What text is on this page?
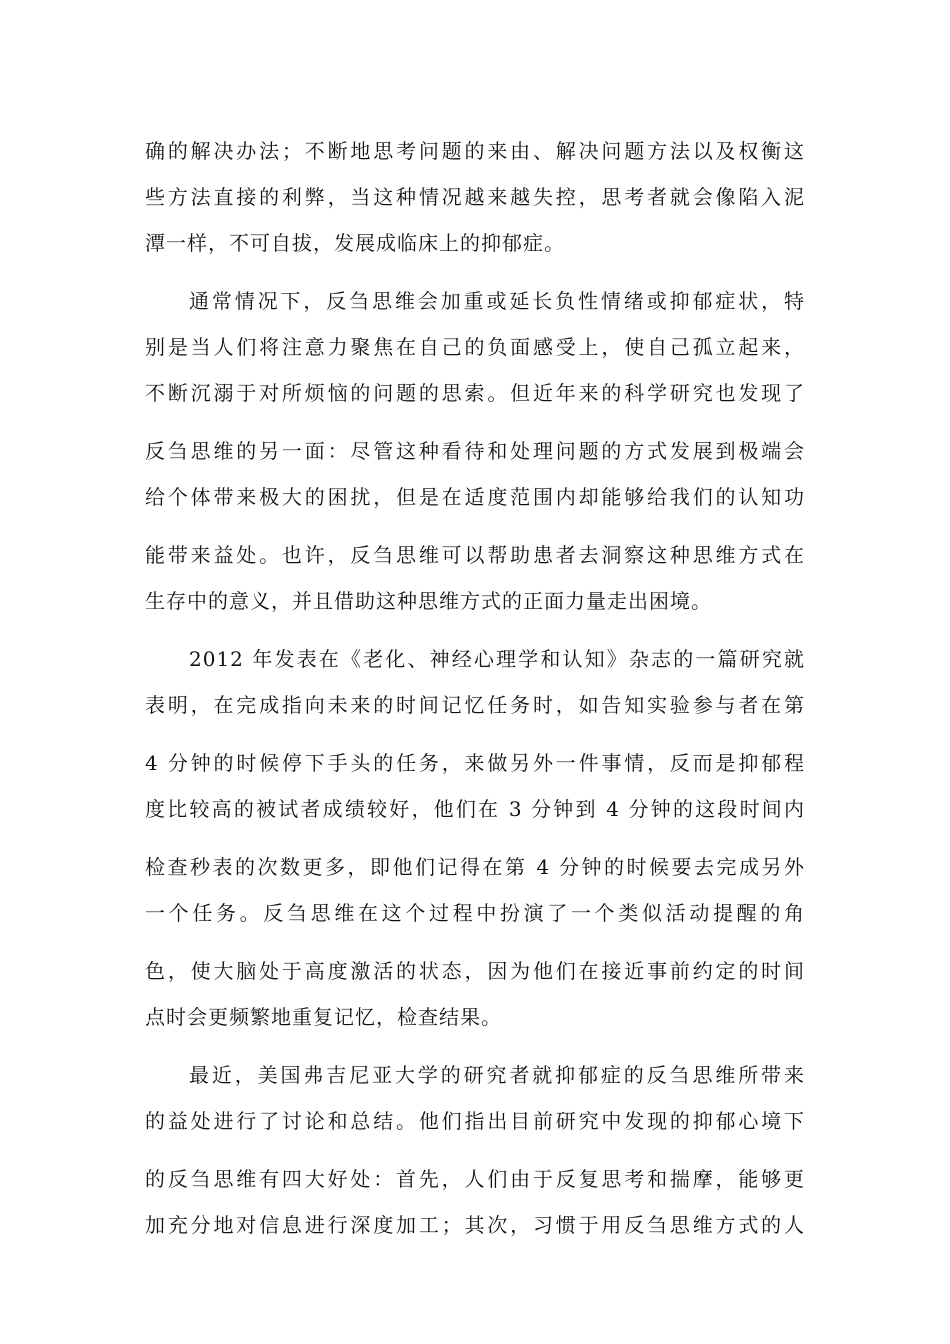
确的解决办法；不断地思考问题的来由、解决问题方法以及权衡这
些方法直接的利弊，当这种情况越来越失控，思考者就会像陷入泥
潭一样，不可自拔，发展成临床上的抑郁症。
通常情况下，反刍思维会加重或延长负性情绪或抑郁症状，特
别是当人们将注意力聚焦在自己的负面感受上，使自己孤立起来，
不断沉溺于对所烦恼的问题的思索。但近年来的科学研究也发现了
反刍思维的另一面：尽管这种看待和处理问题的方式发展到极端会
给个体带来极大的困扰，但是在适度范围内却能够给我们的认知功
能带来益处。也许，反刍思维可以帮助患者去洞察这种思维方式在
生存中的意义，并且借助这种思维方式的正面力量走出困境。
2012 年发表在《老化、神经心理学和认知》杂志的一篇研究就
表明，在完成指向未来的时间记忆任务时，如告知实验参与者在第
4 分钟的时候停下手头的任务，来做另外一件事情，反而是抑郁程
度比较高的被试者成绩较好，他们在 3 分钟到 4 分钟的这段时间内
检查秒表的次数更多，即他们记得在第 4 分钟的时候要去完成另外
一个任务。反刍思维在这个过程中扮演了一个类似活动提醒的角
色，使大脑处于高度激活的状态，因为他们在接近事前约定的时间
点时会更频繁地重复记忆，检查结果。
最近，美国弗吉尼亚大学的研究者就抑郁症的反刍思维所带来
的益处进行了讨论和总结。他们指出目前研究中发现的抑郁心境下
的反刍思维有四大好处：首先，人们由于反复思考和揣摩，能够更
加充分地对信息进行深度加工；其次，习惯于用反刍思维方式的人
